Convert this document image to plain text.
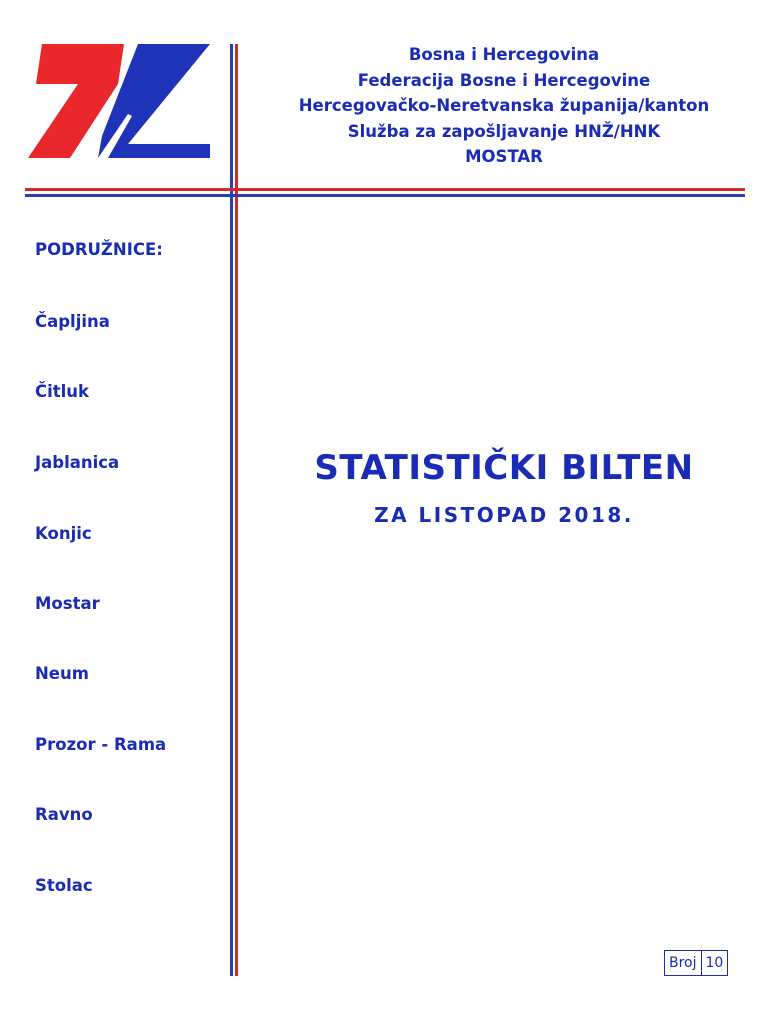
Bosna i Hercegovina
Federacija Bosne i Hercegovine
Hercegovačko-Neretvanska županija/kanton
Služba za zapošljavanje HNŽ/HNK
MOSTAR
PODRUŽNICE:
Čapljina
Čitluk
Jablanica
Konjic
Mostar
Neum
Prozor - Rama
Ravno
Stolac
STATISTIČKI BILTEN
ZA LISTOPAD 2018.
Broj 10
